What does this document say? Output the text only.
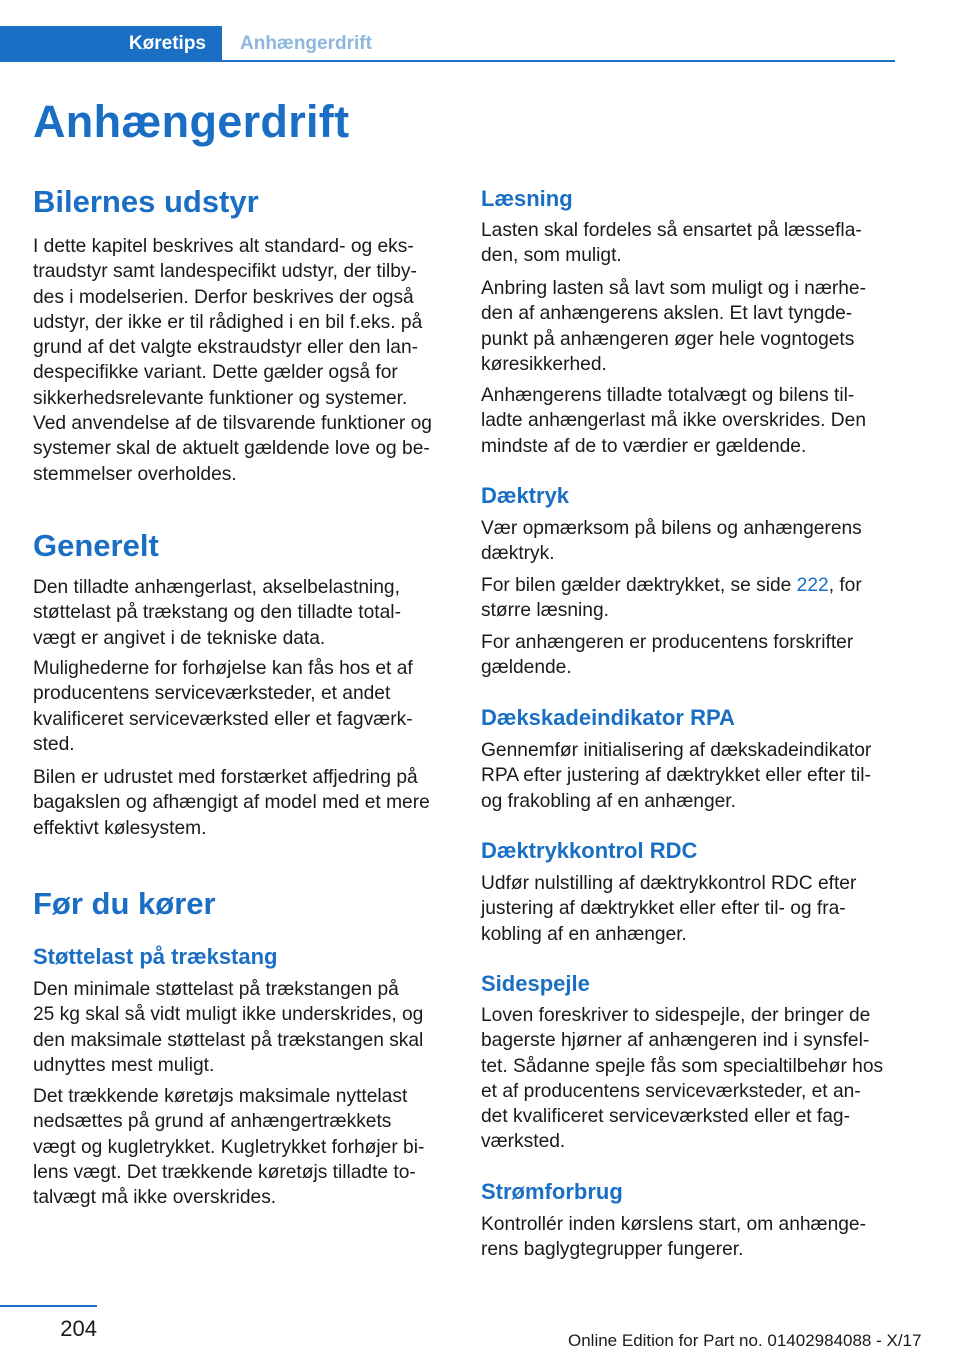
Køretips	Anhængerdrift
Anhængerdrift
Bilernes udstyr
I dette kapitel beskrives alt standard- og eks-
traudstyr samt landespecifikt udstyr, der tilby-
des i modelserien. Derfor beskrives der også
udstyr, der ikke er til rådighed i en bil f.eks. på
grund af det valgte ekstraudstyr eller den lan-
despecifikke variant. Dette gælder også for
sikkerhedsrelevante funktioner og systemer.
Ved anvendelse af de tilsvarende funktioner og
systemer skal de aktuelt gældende love og be-
stemmelser overholdes.
Generelt
Den tilladte anhængerlast, akselbelastning,
støttelast på trækstang og den tilladte total-
vægt er angivet i de tekniske data.
Mulighederne for forhøjelse kan fås hos et af
producentens serviceværksteder, et andet
kvalificeret serviceværksted eller et fagværk-
sted.
Bilen er udrustet med forstærket affjedring på
bagakslen og afhængigt af model med et mere
effektivt kølesystem.
Før du kører
Støttelast på trækstang
Den minimale støttelast på trækstangen på
25 kg skal så vidt muligt ikke underskrides, og
den maksimale støttelast på trækstangen skal
udnyttes mest muligt.
Det trækkende køretøjs maksimale nyttelast
nedsættes på grund af anhængertrækkets
vægt og kugletrykket. Kugletrykket forhøjer bi-
lens vægt. Det trækkende køretøjs tilladte to-
talvægt må ikke overskrides.
Læsning
Lasten skal fordeles så ensartet på læssefla-
den, som muligt.
Anbring lasten så lavt som muligt og i nærhe-
den af anhængerens akslen. Et lavt tyngde-
punkt på anhængeren øger hele vogntogets
køresikkerhed.
Anhængerens tilladte totalvægt og bilens til-
ladte anhængerlast må ikke overskrides. Den
mindste af de to værdier er gældende.
Dæktryk
Vær opmærksom på bilens og anhængerens
dæktryk.
For bilen gælder dæktrykket, se side 222, for
større læsning.
For anhængeren er producentens forskrifter
gældende.
Dækskadeindikator RPA
Gennemfør initialisering af dækskadeindikator
RPA efter justering af dæktrykket eller efter til-
og frakobling af en anhænger.
Dæktrykkontrol RDC
Udfør nulstilling af dæktrykkontrol RDC efter
justering af dæktrykket eller efter til- og fra-
kobling af en anhænger.
Sidespejle
Loven foreskriver to sidespejle, der bringer de
bagerste hjørner af anhængeren ind i synsfel-
tet. Sådanne spejle fås som specialtilbehør hos
et af producentens serviceværksteder, et an-
det kvalificeret serviceværksted eller et fag-
værksted.
Strømforbrug
Kontrollér inden kørslens start, om anhænge-
rens baglygtegrupper fungerer.
204	Online Edition for Part no. 01402984088 - X/17
